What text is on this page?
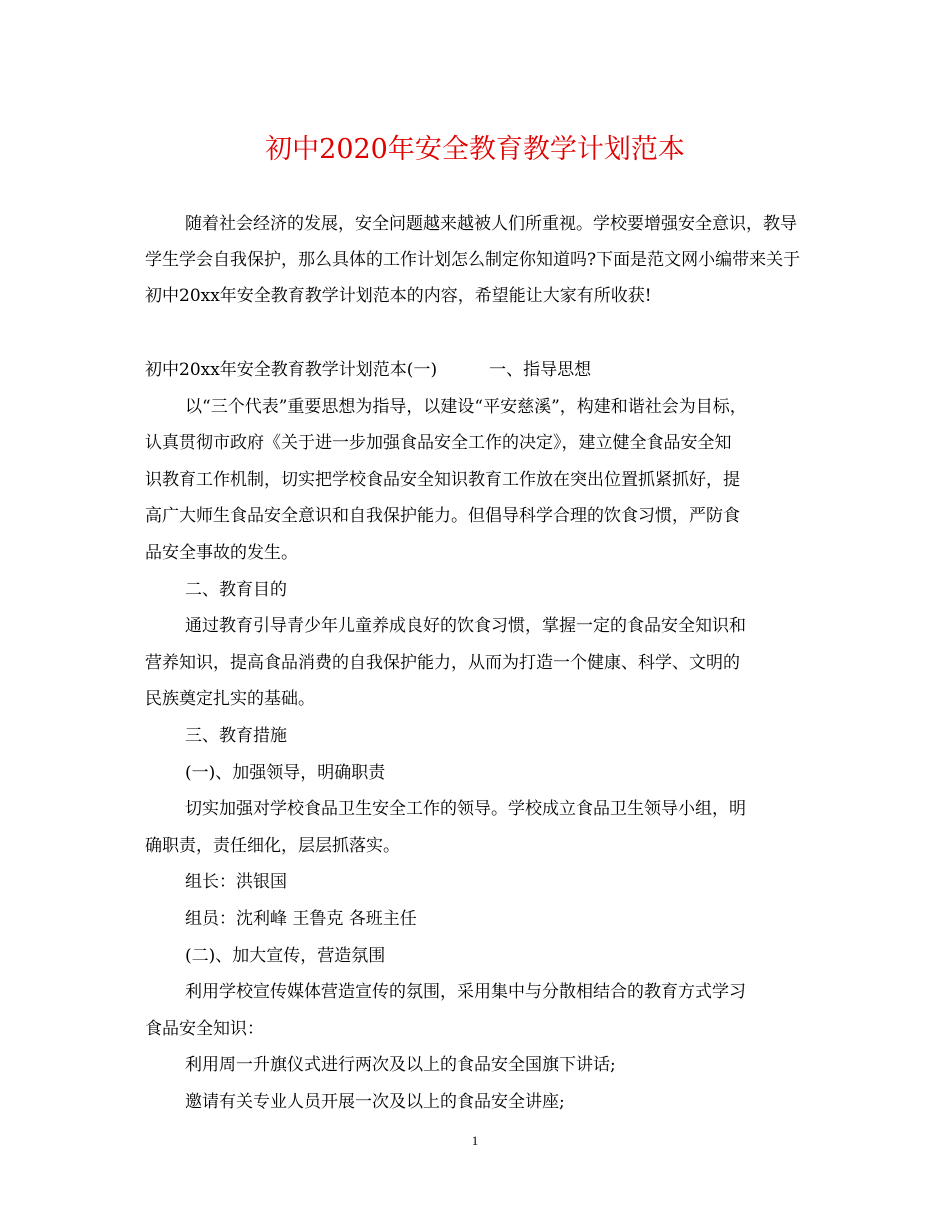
初中2020年安全教育教学计划范本

随着社会经济的发展，安全问题越来越被人们所重视。学校要增强安全意识，教导学生学会自我保护，那么具体的工作计划怎么制定你知道吗?下面是范文网小编带来关于初中20xx年安全教育教学计划范本的内容，希望能让大家有所收获!

初中20xx年安全教育教学计划范本(一)	一、指导思想
以“三个代表”重要思想为指导，以建设“平安慈溪”，构建和谐社会为目标，
认真贯彻市政府《关于进一步加强食品安全工作的决定》，建立健全食品安全知
识教育工作机制，切实把学校食品安全知识教育工作放在突出位置抓紧抓好，提
高广大师生食品安全意识和自我保护能力。但倡导科学合理的饮食习惯，严防食
品安全事故的发生。
二、教育目的
通过教育引导青少年儿童养成良好的饮食习惯，掌握一定的食品安全知识和
营养知识，提高食品消费的自我保护能力，从而为打造一个健康、科学、文明的
民族奠定扎实的基础。
三、教育措施
(一)、加强领导，明确职责
切实加强对学校食品卫生安全工作的领导。学校成立食品卫生领导小组，明
确职责，责任细化，层层抓落实。
组长：洪银国
组员：沈利峰 王鲁克 各班主任
(二)、加大宣传，营造氛围
利用学校宣传媒体营造宣传的氛围，采用集中与分散相结合的教育方式学习
食品安全知识：
利用周一升旗仪式进行两次及以上的食品安全国旗下讲话;
邀请有关专业人员开展一次及以上的食品安全讲座;
1
